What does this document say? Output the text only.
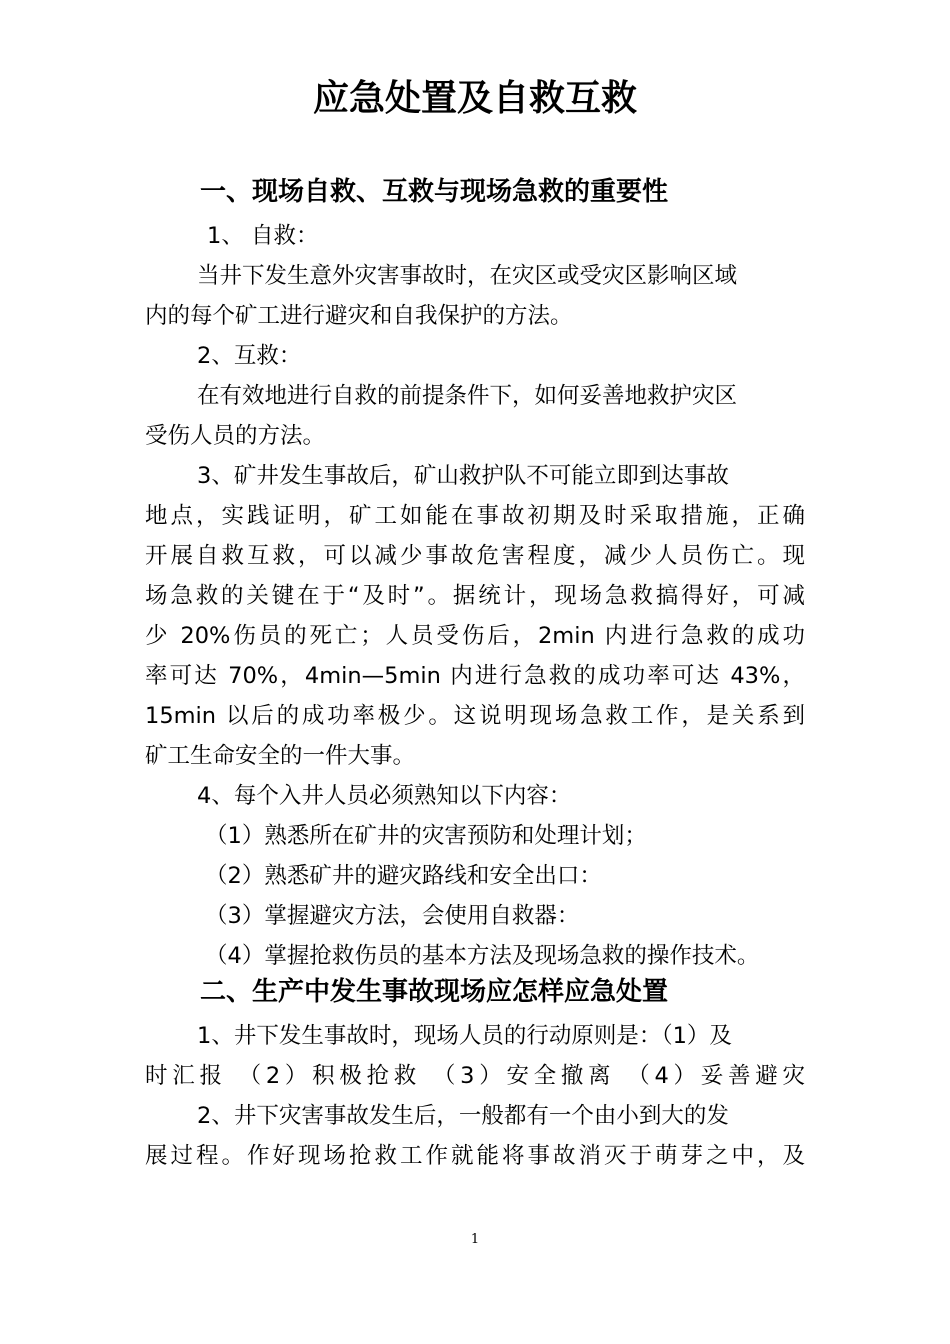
应急处置及自救互救
一、现场自救、互救与现场急救的重要性

1、 自救：

当井下发生意外灾害事故时，在灾区或受灾区影响区域

内的每个矿工进行避灾和自我保护的方法。

2、互救：

在有效地进行自救的前提条件下，如何妥善地救护灾区

受伤人员的方法。

3、矿井发生事故后，矿山救护队不可能立即到达事故

地点，实践证明，矿工如能在事故初期及时采取措施，正确

开展自救互救，可以减少事故危害程度，减少人员伤亡。现

场急救的关键在于“及时”。据统计，现场急救搞得好，可减

少 20%伤员的死亡；人员受伤后，2min 内进行急救的成功

率可达 70%，4min—5min 内进行急救的成功率可达 43%，

15min 以后的成功率极少。这说明现场急救工作，是关系到

矿工生命安全的一件大事。

4、每个入井人员必须熟知以下内容：

（1）熟悉所在矿井的灾害预防和处理计划；

（2）熟悉矿井的避灾路线和安全出口：

（3）掌握避灾方法，会使用自救器：

（4）掌握抢救伤员的基本方法及现场急救的操作技术。

二、生产中发生事故现场应怎样应急处置

1、井下发生事故时，现场人员的行动原则是：（1）及

时汇报 （2）积极抢救 （3）安全撤离 （4）妥善避灾

2、井下灾害事故发生后，一般都有一个由小到大的发

展过程。作好现场抢救工作就能将事故消灭于萌芽之中，及

1
